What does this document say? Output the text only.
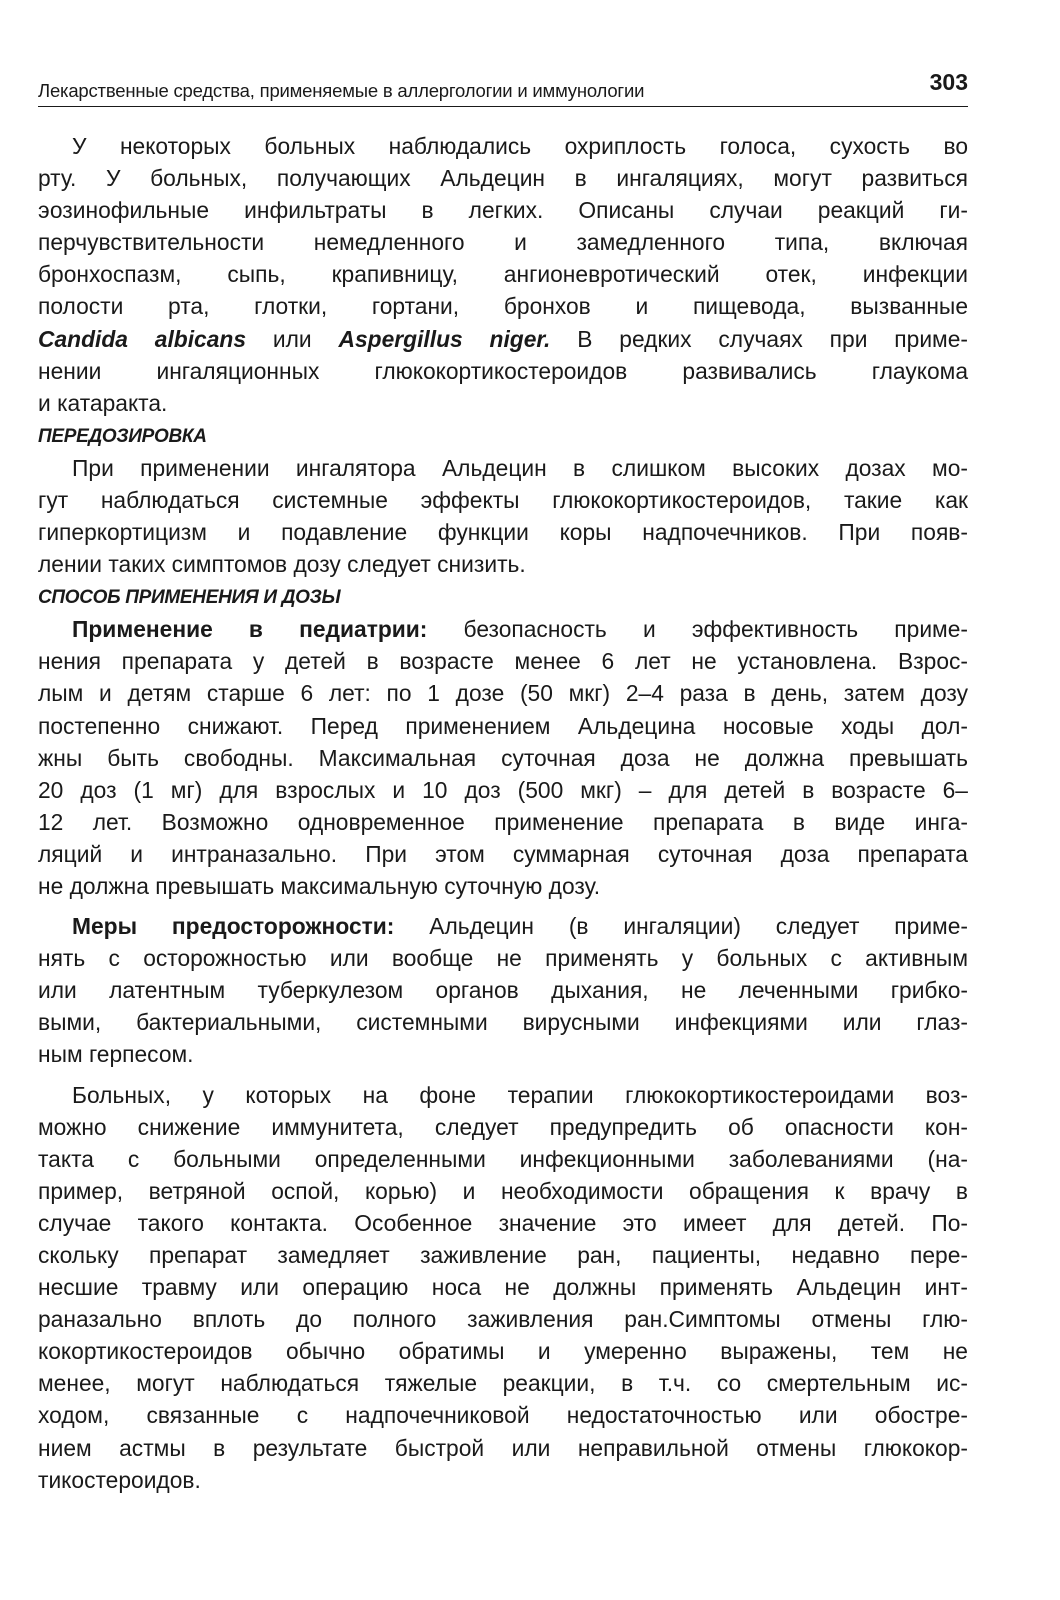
Лекарственные средства, применяемые в аллергологии и иммунологии	303
У некоторых больных наблюдались охриплость голоса, сухость во
рту. У больных, получающих Альдецин в ингаляциях, могут развиться
эозинофильные инфильтраты в легких. Описаны случаи реакций ги-
перчувствительности немедленного и замедленного типа, включая
бронхоспазм, сыпь, крапивницу, ангионевротический отек, инфекции
полости рта, глотки, гортани, бронхов и пищевода, вызванные
Candida albicans или Aspergillus niger. В редких случаях при приме-
нении ингаляционных глюкокортикостероидов развивались глаукома
и катаракта.
ПЕРЕДОЗИРОВКА
При применении ингалятора Альдецин в слишком высоких дозах мо-
гут наблюдаться системные эффекты глюкокортикостероидов, такие как
гиперкортицизм и подавление функции коры надпочечников. При появ-
лении таких симптомов дозу следует снизить.
СПОСОБ ПРИМЕНЕНИЯ И ДОЗЫ
Применение в педиатрии: безопасность и эффективность приме-
нения препарата у детей в возрасте менее 6 лет не установлена. Взрос-
лым и детям старше 6 лет: по 1 дозе (50 мкг) 2–4 раза в день, затем дозу
постепенно снижают. Перед применением Альдецина носовые ходы дол-
жны быть свободны. Максимальная суточная доза не должна превышать
20 доз (1 мг) для взрослых и 10 доз (500 мкг) – для детей в возрасте 6–
12 лет. Возможно одновременное применение препарата в виде инга-
ляций и интраназально. При этом суммарная суточная доза препарата
не должна превышать максимальную суточную дозу.
Меры предосторожности: Альдецин (в ингаляции) следует приме-
нять с осторожностью или вообще не применять у больных с активным
или латентным туберкулезом органов дыхания, не леченными грибко-
выми, бактериальными, системными вирусными инфекциями или глаз-
ным герпесом.
Больных, у которых на фоне терапии глюкокортикостероидами воз-
можно снижение иммунитета, следует предупредить об опасности кон-
такта с больными определенными инфекционными заболеваниями (на-
пример, ветряной оспой, корью) и необходимости обращения к врачу в
случае такого контакта. Особенное значение это имеет для детей. По-
скольку препарат замедляет заживление ран, пациенты, недавно пере-
несшие травму или операцию носа не должны применять Альдецин инт-
раназально вплоть до полного заживления ран.Симптомы отмены глю-
кокортикостероидов обычно обратимы и умеренно выражены, тем не
менее, могут наблюдаться тяжелые реакции, в т.ч. со смертельным ис-
ходом, связанные с надпочечниковой недостаточностью или обостре-
нием астмы в результате быстрой или неправильной отмены глюкокор-
тикостероидов.
